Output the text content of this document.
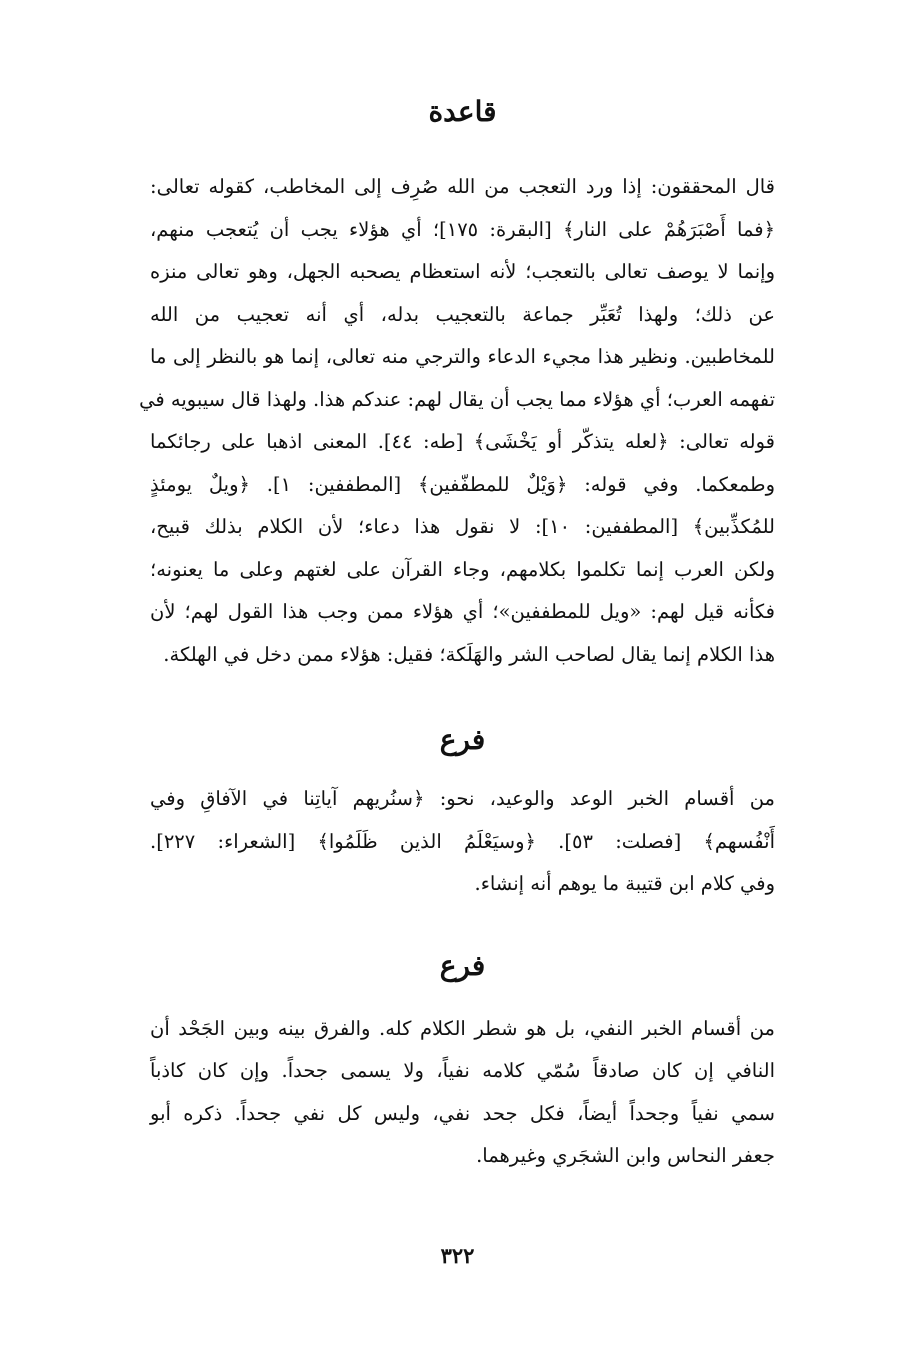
قاعدة

قال المحققون: إذا ورد التعجب من الله صُرِف إلى المخاطب، كقوله تعالى:
﴿فما أَصْبَرَهُمْ على النار﴾ [البقرة: ١٧٥]؛ أي هؤلاء يجب أن يُتعجب منهم،
وإنما لا يوصف تعالى بالتعجب؛ لأنه استعظام يصحبه الجهل، وهو تعالى منزه
عن ذلك؛ ولهذا تُعَبِّر جماعة بالتعجيب بدله، أي أنه تعجيب من الله
للمخاطبين. ونظير هذا مجيء الدعاء والترجي منه تعالى، إنما هو بالنظر إلى ما
تفهمه العرب؛ أي هؤلاء مما يجب أن يقال لهم: عندكم هذا. ولهذا قال سيبويه في
قوله تعالى: ﴿لعله يتذكّر أو يَخْشَى﴾ [طه: ٤٤]. المعنى اذهبا على رجائكما
وطمعكما. وفي قوله: ﴿وَيْلٌ للمطفّفين﴾ [المطففين: ١]. ﴿ويلٌ يومئذٍ
للمُكذِّبين﴾ [المطففين: ١٠]: لا نقول هذا دعاء؛ لأن الكلام بذلك قبيح،
ولكن العرب إنما تكلموا بكلامهم، وجاء القرآن على لغتهم وعلى ما يعنونه؛
فكأنه قيل لهم: «ويل للمطففين»؛ أي هؤلاء ممن وجب هذا القول لهم؛ لأن
هذا الكلام إنما يقال لصاحب الشر والهَلَكة؛ فقيل: هؤلاء ممن دخل في الهلكة.

فرع

من أقسام الخبر الوعد والوعيد، نحو: ﴿سنُريهم آياتِنا في الآفاقِ وفي
أَنْفُسهم﴾ [فصلت: ٥٣]. ﴿وسيَعْلَمُ الذين ظَلَمُوا﴾ [الشعراء: ٢٢٧].
وفي كلام ابن قتيبة ما يوهم أنه إنشاء.

فرع

من أقسام الخبر النفي، بل هو شطر الكلام كله. والفرق بينه وبين الجَحْد أن
النافي إن كان صادقاً سُمّي كلامه نفياً، ولا يسمى جحداً. وإن كان كاذباً
سمي نفياً وجحداً أيضاً، فكل جحد نفي، وليس كل نفي جحداً. ذكره أبو
جعفر النحاس وابن الشجَري وغيرهما.

٣٢٢
